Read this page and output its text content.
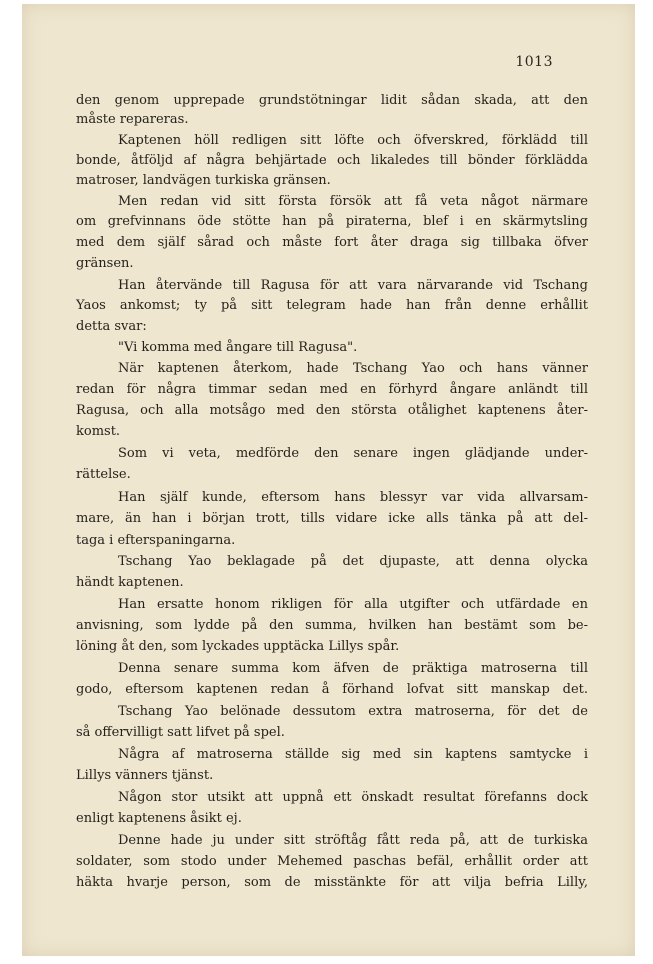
1013
den genom upprepade grundstötningar lidit sådan skada, att den
måste repareras.
Kaptenen höll redligen sitt löfte och öfverskred, förklädd till
bonde, åtföljd af några behjärtade och likaledes till bönder förklädda
matroser, landvägen turkiska gränsen.
Men redan vid sitt första försök att få veta något närmare
om grefvinnans öde stötte han på piraterna, blef i en skärmytsling
med dem själf sårad och måste fort åter draga sig tillbaka öfver
gränsen.
Han återvände till Ragusa för att vara närvarande vid Tschang
Yaos ankomst; ty på sitt telegram hade han från denne erhållit
detta svar:
"Vi komma med ångare till Ragusa".
När kaptenen återkom, hade Tschang Yao och hans vänner
redan för några timmar sedan med en förhyrd ångare anländt till
Ragusa, och alla motsågo med den största otålighet kaptenens åter-
komst.
Som vi veta, medförde den senare ingen glädjande under-
rättelse.
Han själf kunde, eftersom hans blessyr var vida allvarsam-
mare, än han i början trott, tills vidare icke alls tänka på att del-
taga i efterspaningarna.
Tschang Yao beklagade på det djupaste, att denna olycka
händt kaptenen.
Han ersatte honom rikligen för alla utgifter och utfärdade en
anvisning, som lydde på den summa, hvilken han bestämt som be-
löning åt den, som lyckades upptäcka Lillys spår.
Denna senare summa kom äfven de präktiga matroserna till
godo, eftersom kaptenen redan å förhand lofvat sitt manskap det.
Tschang Yao belönade dessutom extra matroserna, för det de
så offervilligt satt lifvet på spel.
Några af matroserna ställde sig med sin kaptens samtycke i
Lillys vänners tjänst.
Någon stor utsikt att uppnå ett önskadt resultat förefanns dock
enligt kaptenens åsikt ej.
Denne hade ju under sitt ströftåg fått reda på, att de turkiska
soldater, som stodo under Mehemed paschas befäl, erhållit order att
häkta hvarje person, som de misstänkte för att vilja befria Lilly,
